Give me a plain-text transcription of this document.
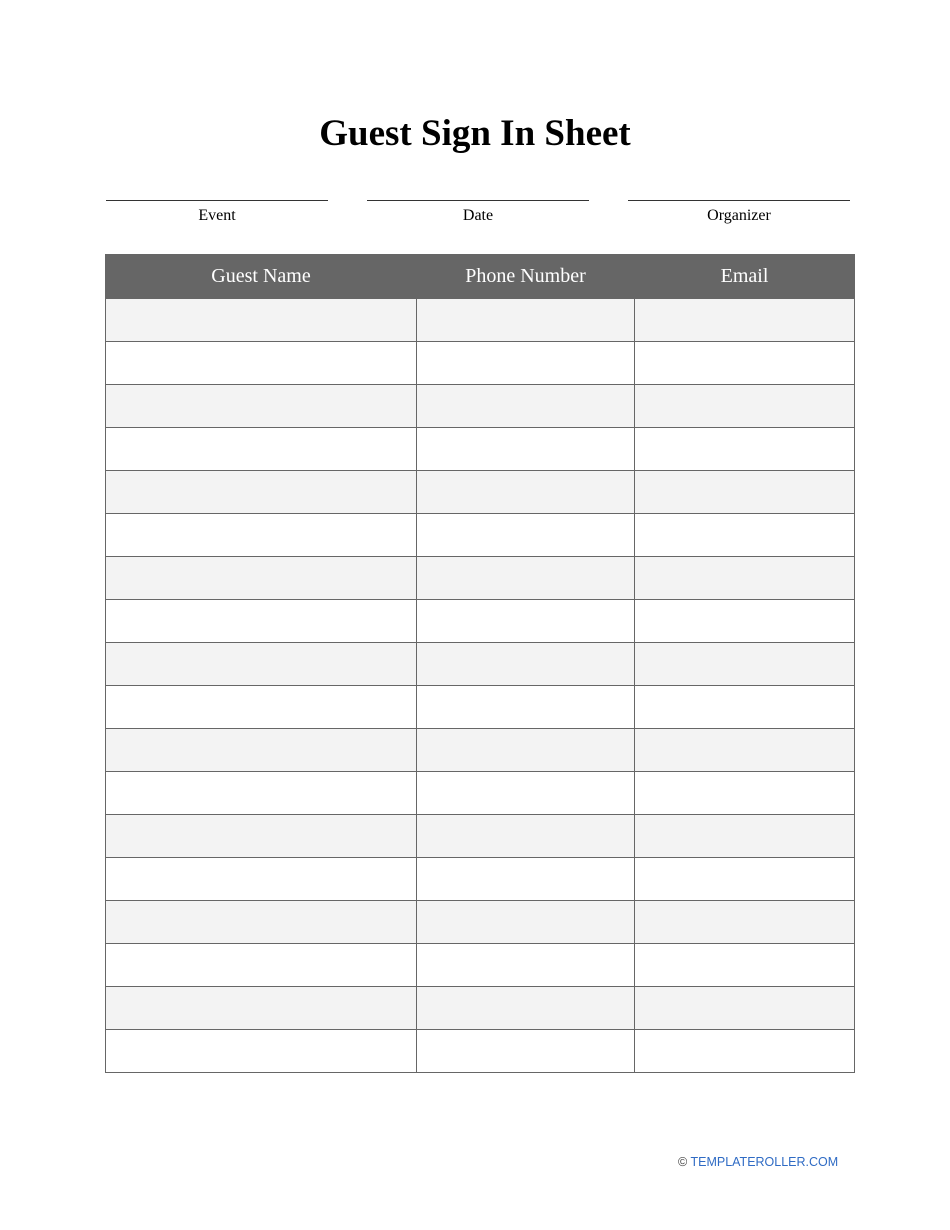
Guest Sign In Sheet
Event	Date	Organizer
Guest Name	Phone Number	Email

© TEMPLATEROLLER.COM
